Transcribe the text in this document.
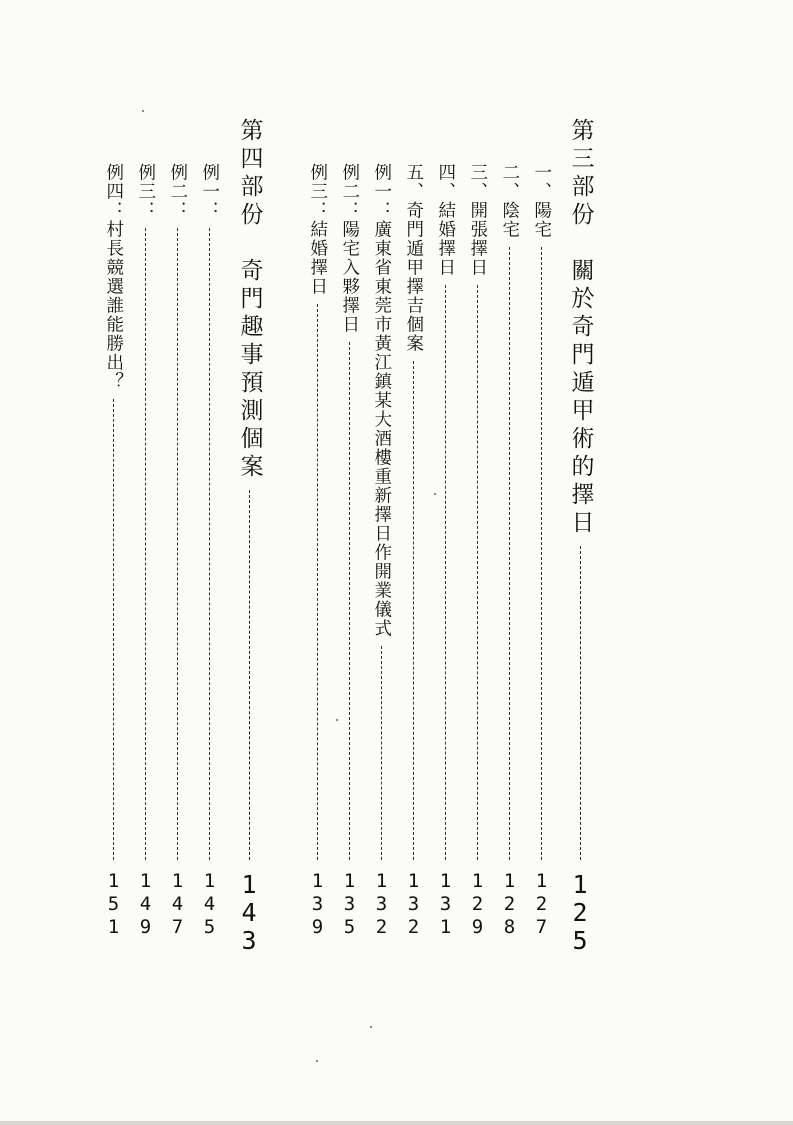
第三部份　關於奇門遁甲術的擇日
125
一、陽宅
127
二、陰宅
128
三、開張擇日
129
四、結婚擇日
131
五、奇門遁甲擇吉個案
132
例一：廣東省東莞市黃江鎮某大酒樓重新擇日作開業儀式
132
例二：陽宅入夥擇日
135
例三：結婚擇日
139
第四部份　奇門趣事預測個案
143
例一：
145
例二：
147
例三：
149
例四：村長競選誰能勝出？
151
